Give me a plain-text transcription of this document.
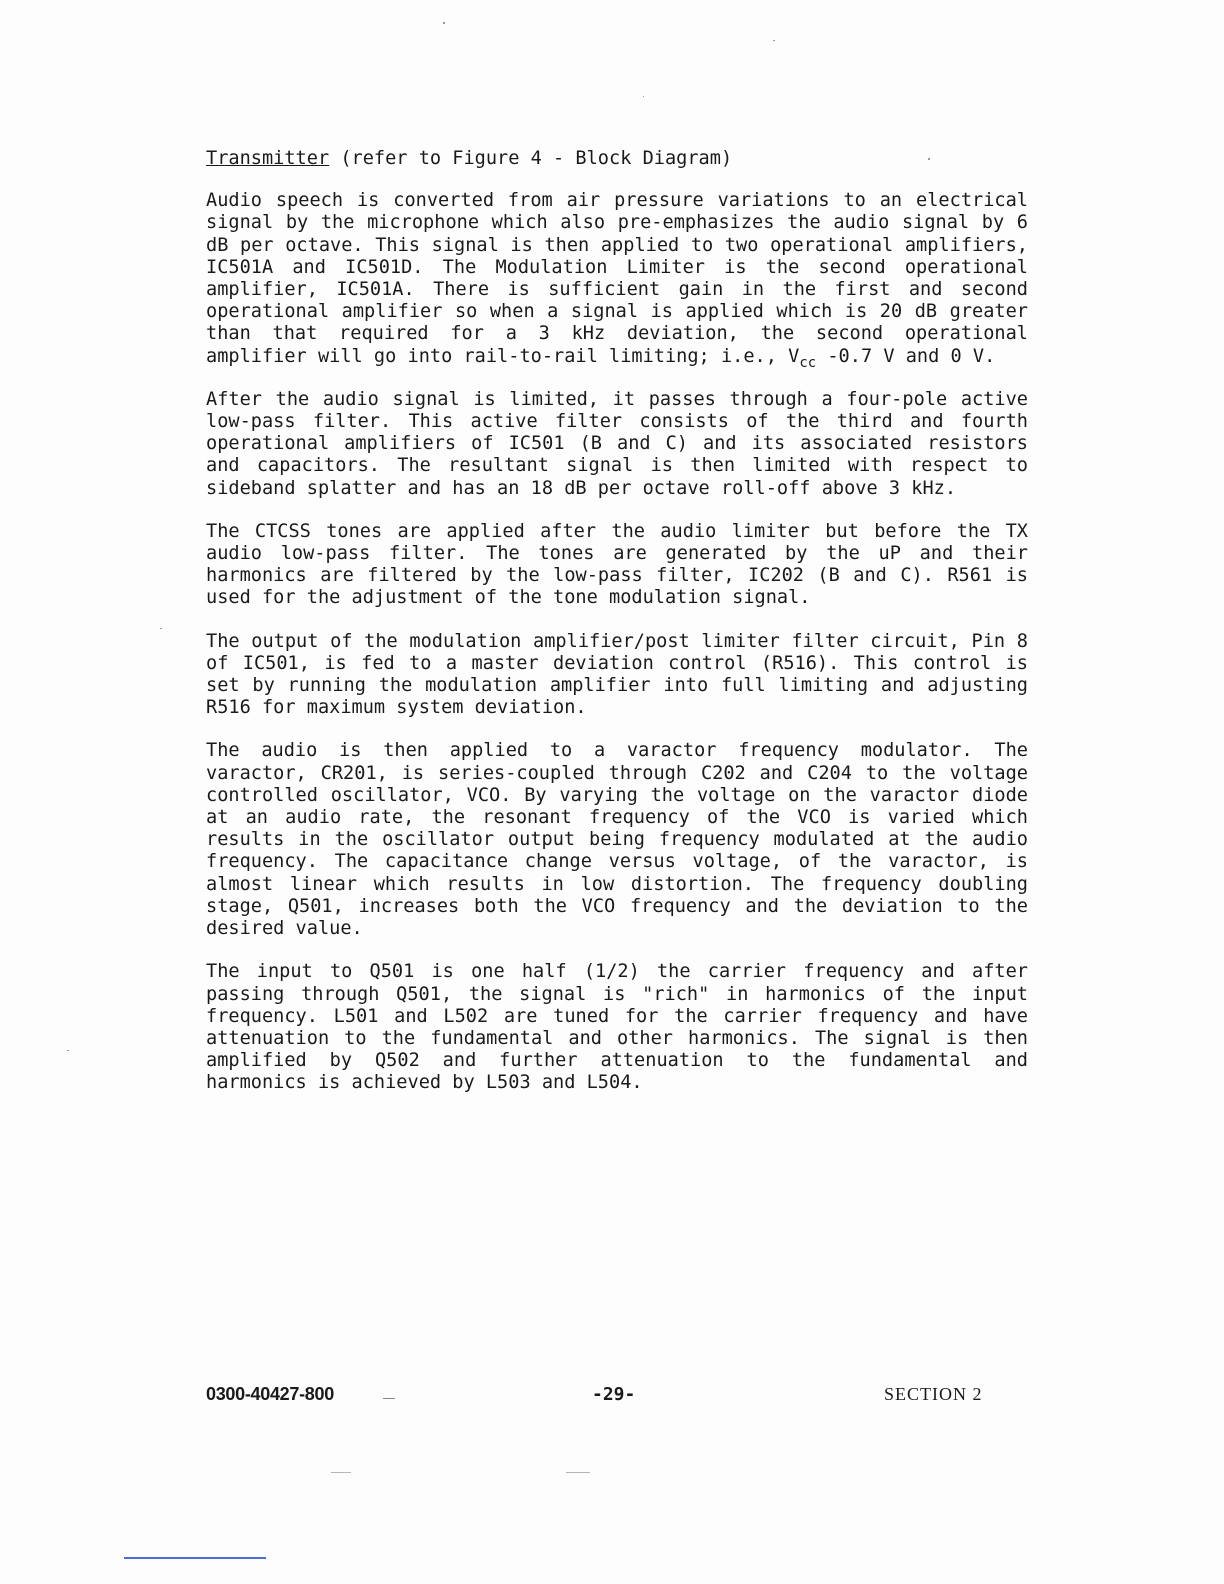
Transmitter (refer to Figure 4 - Block Diagram)

Audio speech is converted from air pressure variations to an electrical signal by the microphone which also pre-emphasizes the audio signal by 6 dB per octave. This signal is then applied to two operational amplifiers, IC501A and IC501D. The Modulation Limiter is the second operational amplifier, IC501A. There is sufficient gain in the first and second operational amplifier so when a signal is applied which is 20 dB greater than that required for a 3 kHz deviation, the second operational amplifier will go into rail-to-rail limiting; i.e., $V_{cc}$ -0.7 V and 0 V.

After the audio signal is limited, it passes through a four-pole active low-pass filter. This active filter consists of the third and fourth operational amplifiers of IC501 (B and C) and its associated resistors and capacitors. The resultant signal is then limited with respect to sideband splatter and has an 18 dB per octave roll-off above 3 kHz.

The CTCSS tones are applied after the audio limiter but before the TX audio low-pass filter. The tones are generated by the uP and their harmonics are filtered by the low-pass filter, IC202 (B and C). R561 is used for the adjustment of the tone modulation signal.

The output of the modulation amplifier/post limiter filter circuit, Pin 8 of IC501, is fed to a master deviation control (R516). This control is set by running the modulation amplifier into full limiting and adjusting R516 for maximum system deviation.

The audio is then applied to a varactor frequency modulator. The varactor, CR201, is series-coupled through C202 and C204 to the voltage controlled oscillator, VCO. By varying the voltage on the varactor diode at an audio rate, the resonant frequency of the VCO is varied which results in the oscillator output being frequency modulated at the audio frequency. The capacitance change versus voltage, of the varactor, is almost linear which results in low distortion. The frequency doubling stage, Q501, increases both the VCO frequency and the deviation to the desired value.

The input to Q501 is one half (1/2) the carrier frequency and after passing through Q501, the signal is "rich" in harmonics of the input frequency. L501 and L502 are tuned for the carrier frequency and have attenuation to the fundamental and other harmonics. The signal is then amplified by Q502 and further attenuation to the fundamental and harmonics is achieved by L503 and L504.

0300-40427-800	-29-	SECTION 2
